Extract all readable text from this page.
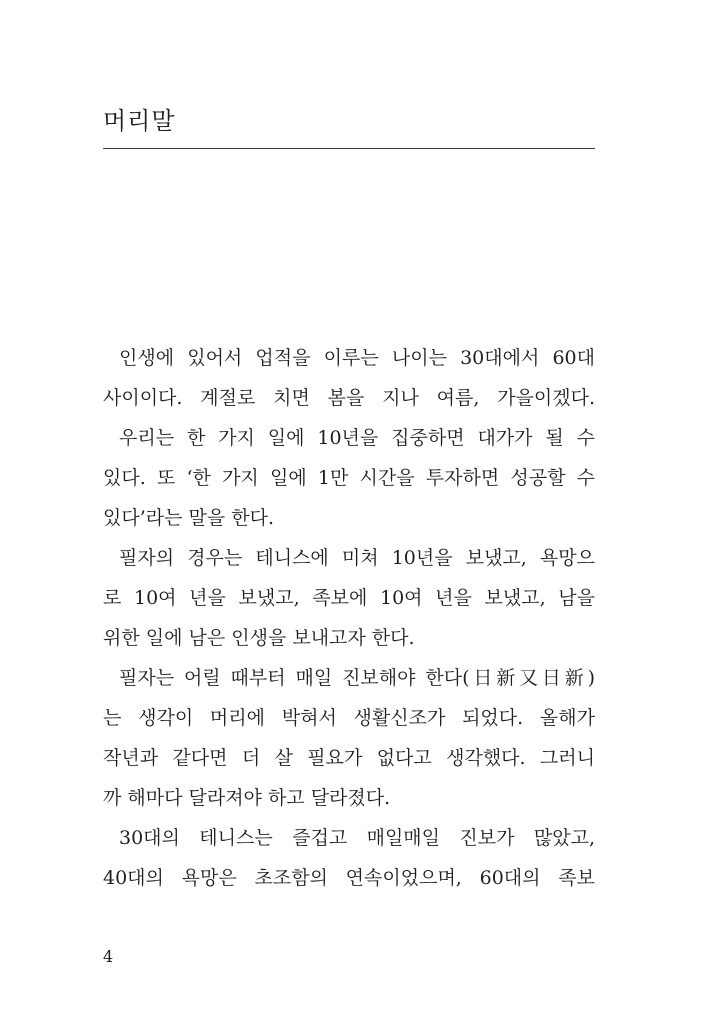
머리말
인생에 있어서 업적을 이루는 나이는 30대에서 60대
사이이다. 계절로 치면 봄을 지나 여름, 가을이겠다.
우리는 한 가지 일에 10년을 집중하면 대가가 될 수
있다. 또 ‘한 가지 일에 1만 시간을 투자하면 성공할 수
있다’라는 말을 한다.
필자의 경우는 테니스에 미쳐 10년을 보냈고, 욕망으
로 10여 년을 보냈고, 족보에 10여 년을 보냈고, 남을
위한 일에 남은 인생을 보내고자 한다.
필자는 어릴 때부터 매일 진보해야 한다(日新又日新)
는 생각이 머리에 박혀서 생활신조가 되었다. 올해가
작년과 같다면 더 살 필요가 없다고 생각했다. 그러니
까 해마다 달라져야 하고 달라졌다.
30대의 테니스는 즐겁고 매일매일 진보가 많았고,
40대의 욕망은 초조함의 연속이었으며, 60대의 족보
4
